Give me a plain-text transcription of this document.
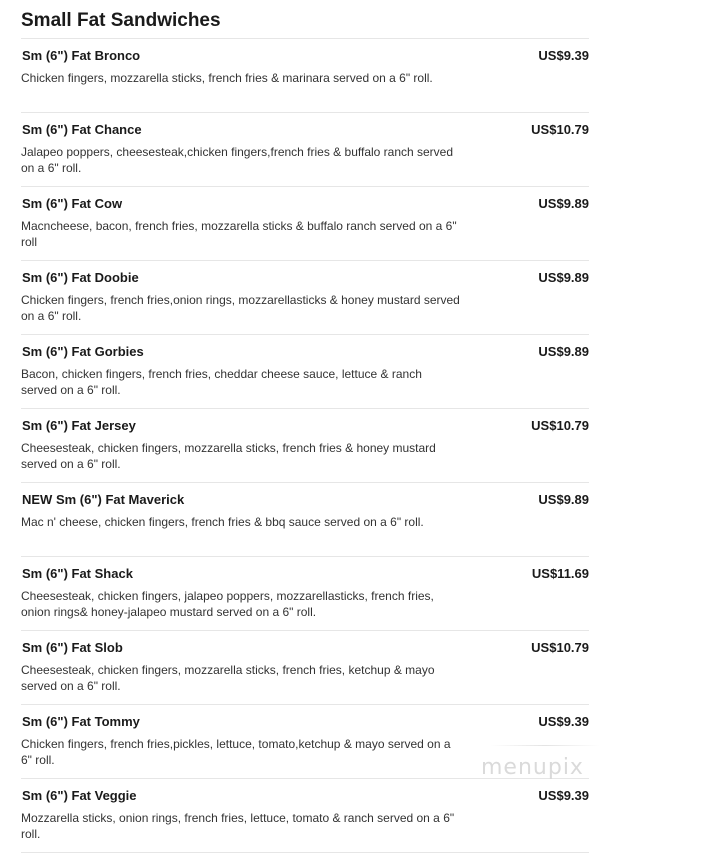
Small Fat Sandwiches
Sm (6") Fat Bronco	US$9.39
Chicken fingers, mozzarella sticks, french fries & marinara served on a 6" roll.
Sm (6") Fat Chance	US$10.79
Jalapeo poppers, cheesesteak,chicken fingers,french fries & buffalo ranch served on a 6" roll.
Sm (6") Fat Cow	US$9.89
Macncheese, bacon, french fries, mozzarella sticks & buffalo ranch served on a 6" roll
Sm (6") Fat Doobie	US$9.89
Chicken fingers, french fries,onion rings, mozzarellasticks & honey mustard served on a 6" roll.
Sm (6") Fat Gorbies	US$9.89
Bacon, chicken fingers, french fries, cheddar cheese sauce, lettuce & ranch served on a 6" roll.
Sm (6") Fat Jersey	US$10.79
Cheesesteak, chicken fingers, mozzarella sticks, french fries & honey mustard served on a 6" roll.
NEW Sm (6") Fat Maverick	US$9.89
Mac n' cheese, chicken fingers, french fries & bbq sauce served on a 6" roll.
Sm (6") Fat Shack	US$11.69
Cheesesteak, chicken fingers, jalapeo poppers, mozzarellasticks, french fries, onion rings& honey-jalapeo mustard served on a 6" roll.
Sm (6") Fat Slob	US$10.79
Cheesesteak, chicken fingers, mozzarella sticks, french fries, ketchup & mayo served on a 6" roll.
Sm (6") Fat Tommy	US$9.39
Chicken fingers, french fries,pickles, lettuce, tomato,ketchup & mayo served on a 6" roll.
Sm (6") Fat Veggie	US$9.39
Mozzarella sticks, onion rings, french fries, lettuce, tomato & ranch served on a 6" roll.
menupix
